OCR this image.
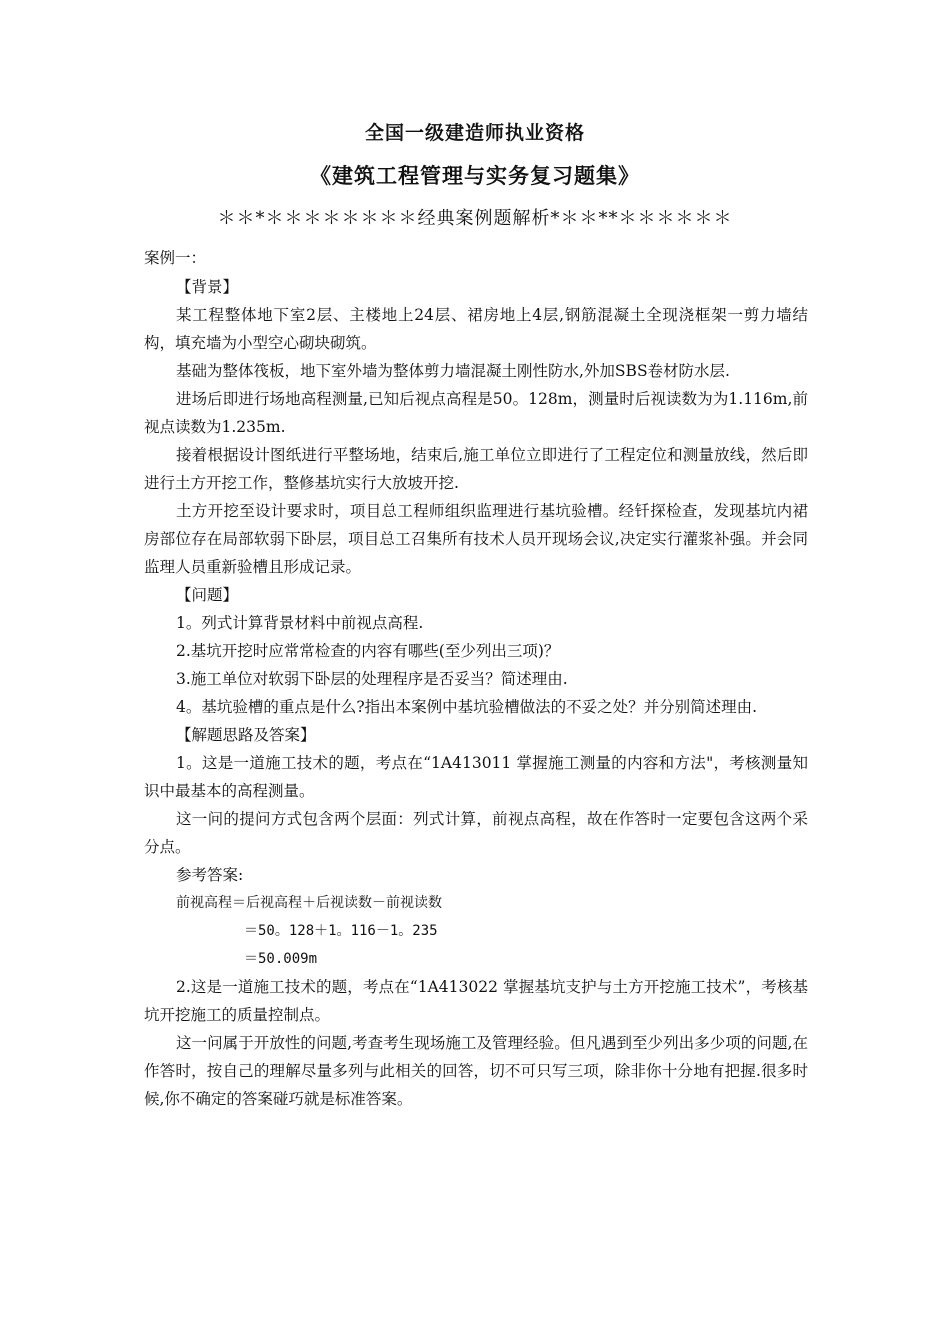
全国一级建造师执业资格
《建筑工程管理与实务复习题集》
＊＊*＊＊＊＊＊＊＊＊经典案例题解析*＊＊**＊＊＊＊＊＊

案例一：

【背景】

某工程整体地下室2层、主楼地上24层、裙房地上4层,钢筋混凝土全现浇框架一剪力墙结构，填充墙为小型空心砌块砌筑。

基础为整体筏板，地下室外墙为整体剪力墙混凝土刚性防水,外加SBS卷材防水层.

进场后即进行场地高程测量,已知后视点高程是50。128m，测量时后视读数为为1.116m,前视点读数为1.235m.

接着根据设计图纸进行平整场地，结束后,施工单位立即进行了工程定位和测量放线，然后即进行土方开挖工作，整修基坑实行大放坡开挖.

土方开挖至设计要求时，项目总工程师组织监理进行基坑验槽。经钎探检查，发现基坑内裙房部位存在局部软弱下卧层，项目总工召集所有技术人员开现场会议,决定实行灌浆补强。并会同监理人员重新验槽且形成记录。

【问题】

1。列式计算背景材料中前视点高程.

2.基坑开挖时应常常检查的内容有哪些(至少列出三项)？

3.施工单位对软弱下卧层的处理程序是否妥当？简述理由.

4。基坑验槽的重点是什么?指出本案例中基坑验槽做法的不妥之处？并分别简述理由.

【解题思路及答案】

1。这是一道施工技术的题，考点在“1A413011 掌握施工测量的内容和方法"，考核测量知识中最基本的高程测量。

这一问的提问方式包含两个层面：列式计算，前视点高程，故在作答时一定要包含这两个采分点。

参考答案:

前视高程＝后视高程＋后视读数－前视读数

＝50。128＋1。116－1。235

＝50.009m

2.这是一道施工技术的题，考点在“1A413022 掌握基坑支护与土方开挖施工技术”，考核基坑开挖施工的质量控制点。

这一问属于开放性的问题,考查考生现场施工及管理经验。但凡遇到至少列出多少项的问题,在作答时，按自己的理解尽量多列与此相关的回答，切不可只写三项，除非你十分地有把握.很多时候,你不确定的答案碰巧就是标准答案。
